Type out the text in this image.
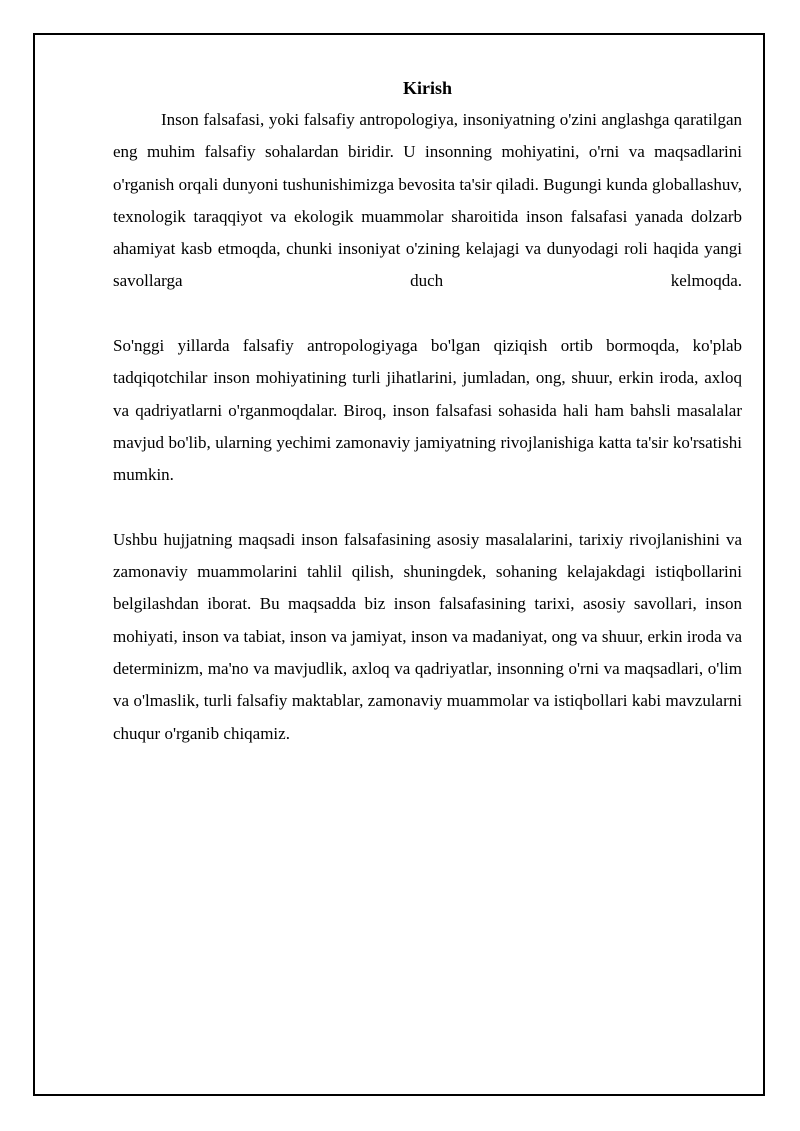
Kirish

Inson falsafasi, yoki falsafiy antropologiya, insoniyatning o'zini anglashga qaratilgan eng muhim falsafiy sohalardan biridir. U insonning mohiyatini, o'rni va maqsadlarini o'rganish orqali dunyoni tushunishimizga bevosita ta'sir qiladi. Bugungi kunda globallashuv, texnologik taraqqiyot va ekologik muammolar sharoitida inson falsafasi yanada dolzarb ahamiyat kasb etmoqda, chunki insoniyat o'zining kelajagi va dunyodagi roli haqida yangi savollarga duch kelmoqda.

So'nggi yillarda falsafiy antropologiyaga bo'lgan qiziqish ortib bormoqda, ko'plab tadqiqotchilar inson mohiyatining turli jihatlarini, jumladan, ong, shuur, erkin iroda, axloq va qadriyatlarni o'rganmoqdalar. Biroq, inson falsafasi sohasida hali ham bahsli masalalar mavjud bo'lib, ularning yechimi zamonaviy jamiyatning rivojlanishiga katta ta'sir ko'rsatishi mumkin.

Ushbu hujjatning maqsadi inson falsafasining asosiy masalalarini, tarixiy rivojlanishini va zamonaviy muammolarini tahlil qilish, shuningdek, sohaning kelajakdagi istiqbollarini belgilashdan iborat. Bu maqsadda biz inson falsafasining tarixi, asosiy savollari, inson mohiyati, inson va tabiat, inson va jamiyat, inson va madaniyat, ong va shuur, erkin iroda va determinizm, ma'no va mavjudlik, axloq va qadriyatlar, insonning o'rni va maqsadlari, o'lim va o'lmaslik, turli falsafiy maktablar, zamonaviy muammolar va istiqbollari kabi mavzularni chuqur o'rganib chiqamiz.
